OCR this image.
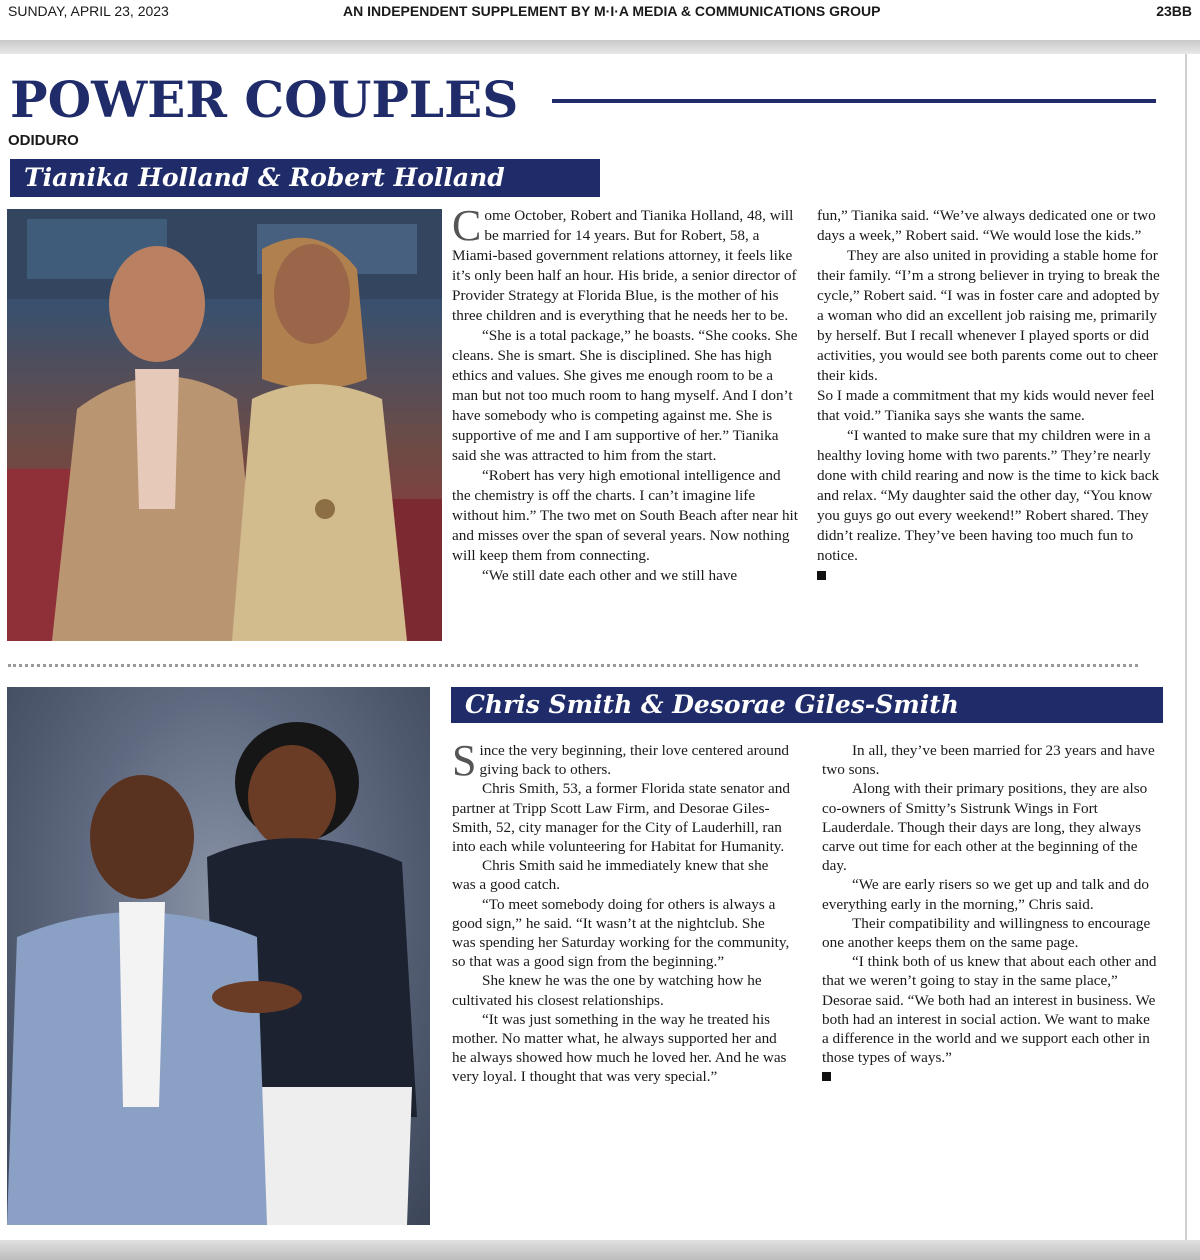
SUNDAY, APRIL 23, 2023	AN INDEPENDENT SUPPLEMENT BY M·I·A MEDIA & COMMUNICATIONS GROUP	23BB
POWER COUPLES
ODIDURO
Tianika Holland & Robert Holland

Come October, Robert and Tianika Holland, 48, will be married for 14 years. But for Robert, 58, a Miami-based government relations attorney, it feels like it’s only been half an hour. His bride, a senior director of Provider Strategy at Florida Blue, is the mother of his three children and is everything that he needs her to be.

“She is a total package,” he boasts. “She cooks. She cleans. She is smart. She is disciplined. She has high ethics and values. She gives me enough room to be a man but not too much room to hang myself. And I don’t have somebody who is competing against me. She is supportive of me and I am supportive of her.” Tianika said she was attracted to him from the start.

“Robert has very high emotional intelligence and the chemistry is off the charts. I can’t imagine life without him.” The two met on South Beach after near hit and misses over the span of several years. Now nothing will keep them from connecting.

“We still date each other and we still have

fun,” Tianika said. “We’ve always dedicated one or two days a week,” Robert said. “We would lose the kids.”

They are also united in providing a stable home for their family. “I’m a strong believer in trying to break the cycle,” Robert said. “I was in foster care and adopted by a woman who did an excellent job raising me, primarily by herself. But I recall whenever I played sports or did activities, you would see both parents come out to cheer their kids.

So I made a commitment that my kids would never feel that void.” Tianika says she wants the same.

“I wanted to make sure that my children were in a healthy loving home with two parents.” They’re nearly done with child rearing and now is the time to kick back and relax. “My daughter said the other day, “You know you guys go out every weekend!” Robert shared. They didn’t realize. They’ve been having too much fun to notice.

Chris Smith & Desorae Giles-Smith

Since the very beginning, their love centered around giving back to others.

Chris Smith, 53, a former Florida state senator and partner at Tripp Scott Law Firm, and Desorae Giles-Smith, 52, city manager for the City of Lauderhill, ran into each while volunteering for Habitat for Humanity.

Chris Smith said he immediately knew that she was a good catch.

“To meet somebody doing for others is always a good sign,” he said. “It wasn’t at the nightclub. She was spending her Saturday working for the community, so that was a good sign from the beginning.”

She knew he was the one by watching how he cultivated his closest relationships.

“It was just something in the way he treated his mother. No matter what, he always supported her and he always showed how much he loved her. And he was very loyal. I thought that was very special.”

In all, they’ve been married for 23 years and have two sons.

Along with their primary positions, they are also co-owners of Smitty’s Sistrunk Wings in Fort Lauderdale. Though their days are long, they always carve out time for each other at the beginning of the day.

“We are early risers so we get up and talk and do everything early in the morning,” Chris said.

Their compatibility and willingness to encourage one another keeps them on the same page.

“I think both of us knew that about each other and that we weren’t going to stay in the same place,” Desorae said. “We both had an interest in business. We both had an interest in social action. We want to make a difference in the world and we support each other in those types of ways.”
